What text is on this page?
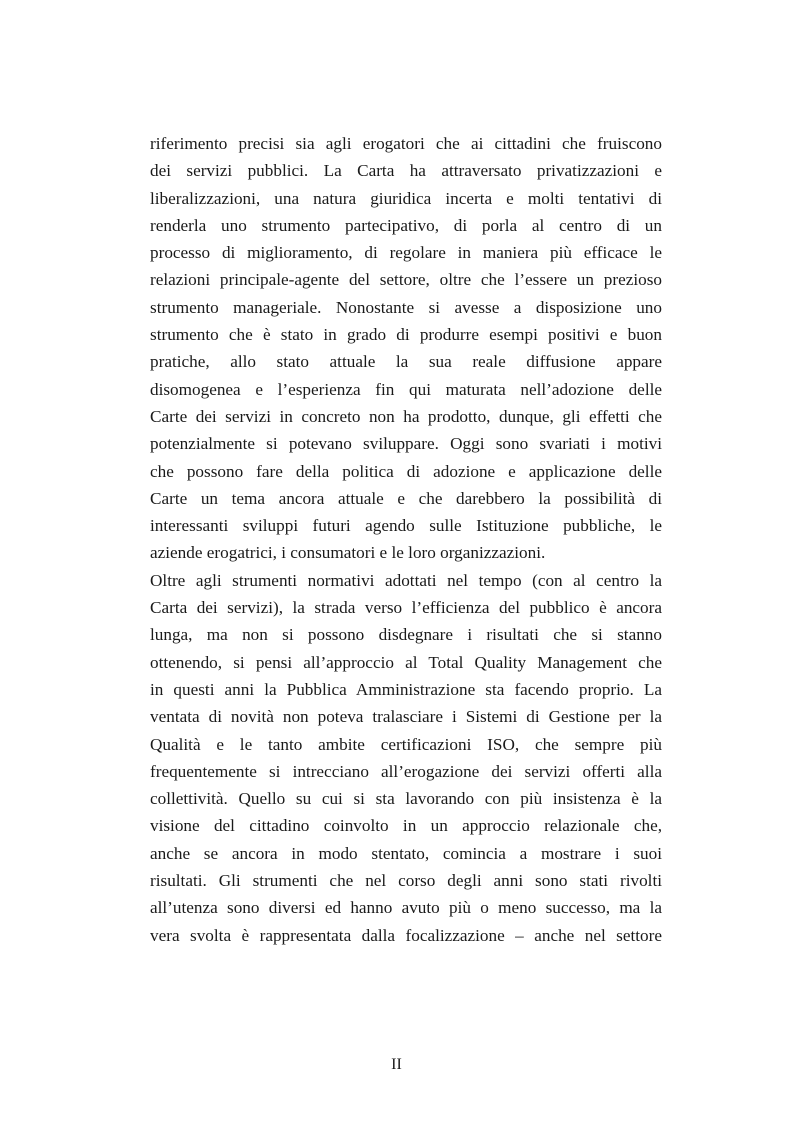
riferimento precisi sia agli erogatori che ai cittadini che fruiscono
dei servizi pubblici. La Carta ha attraversato privatizzazioni e
liberalizzazioni, una natura giuridica incerta e molti tentativi di
renderla uno strumento partecipativo, di porla al centro di un
processo di miglioramento, di regolare in maniera più efficace le
relazioni principale-agente del settore, oltre che l’essere un prezioso
strumento manageriale. Nonostante si avesse a disposizione uno
strumento che è stato in grado di produrre esempi positivi e buon
pratiche, allo stato attuale la sua reale diffusione appare
disomogenea e l’esperienza fin qui maturata nell’adozione delle
Carte dei servizi in concreto non ha prodotto, dunque, gli effetti che
potenzialmente si potevano sviluppare. Oggi sono svariati i motivi
che possono fare della politica di adozione e applicazione delle
Carte un tema ancora attuale e che darebbero la possibilità di
interessanti sviluppi futuri agendo sulle Istituzione pubbliche, le
aziende erogatrici, i consumatori e le loro organizzazioni.
Oltre agli strumenti normativi adottati nel tempo (con al centro la
Carta dei servizi), la strada verso l’efficienza del pubblico è ancora
lunga, ma non si possono disdegnare i risultati che si stanno
ottenendo, si pensi all’approccio al Total Quality Management che
in questi anni la Pubblica Amministrazione sta facendo proprio. La
ventata di novità non poteva tralasciare i Sistemi di Gestione per la
Qualità e le tanto ambite certificazioni ISO, che sempre più
frequentemente si intrecciano all’erogazione dei servizi offerti alla
collettività. Quello su cui si sta lavorando con più insistenza è la
visione del cittadino coinvolto in un approccio relazionale che,
anche se ancora in modo stentato, comincia a mostrare i suoi
risultati. Gli strumenti che nel corso degli anni sono stati rivolti
all’utenza sono diversi ed hanno avuto più o meno successo, ma la
vera svolta è rappresentata dalla focalizzazione – anche nel settore
II
